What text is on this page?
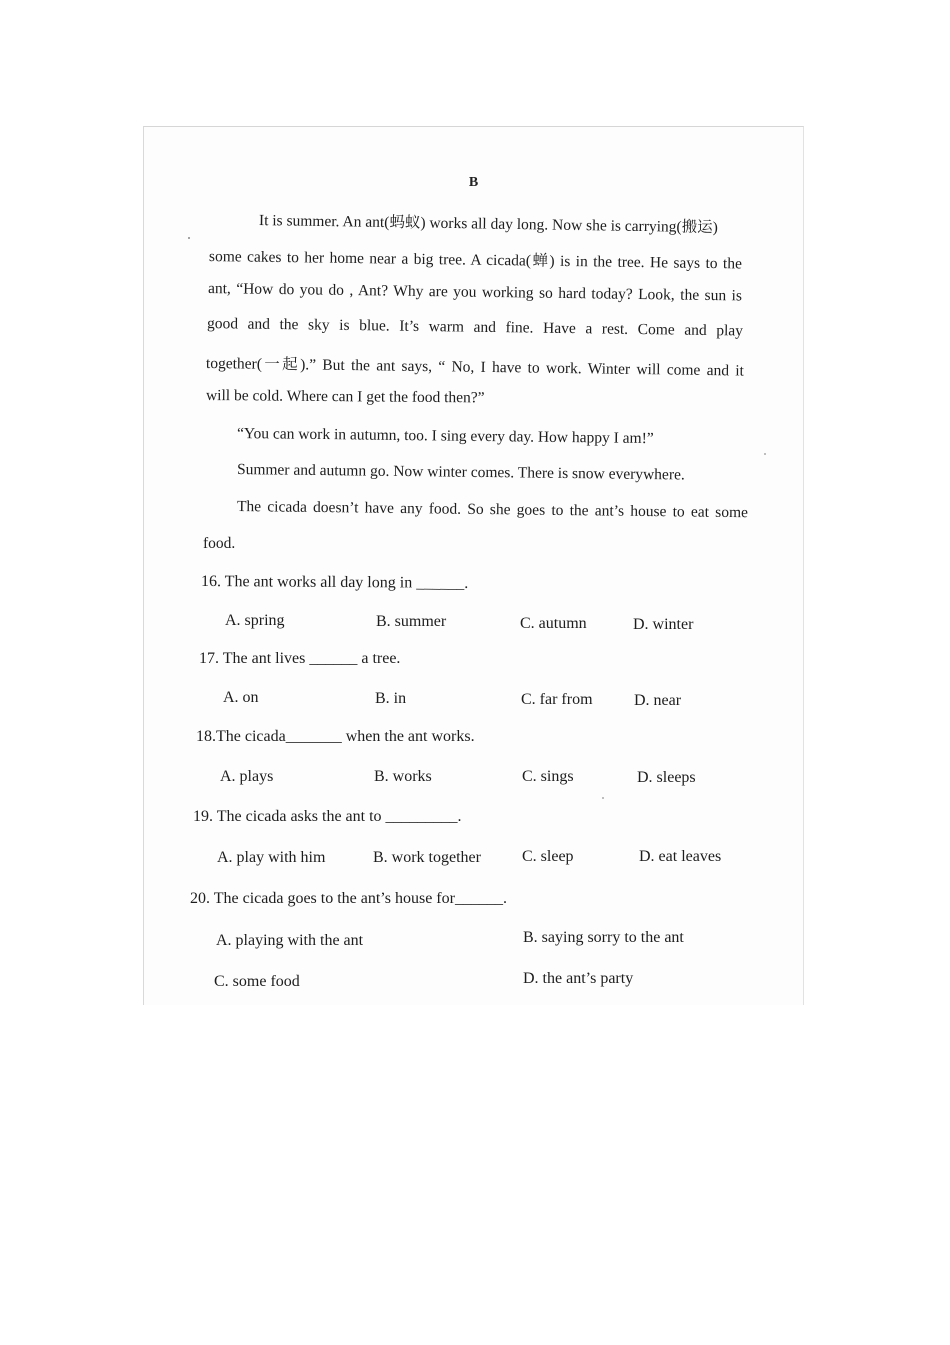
B
It is summer. An ant(蚂蚁) works all day long. Now she is carrying(搬运)
some cakes to her home near a big tree. A cicada(蝉) is in the tree. He says to the
ant, “How do you do , Ant? Why are you working so hard today? Look, the sun is
good and the sky is blue. It’s warm and fine. Have a rest. Come and play
together(一起).” But the ant says, “ No, I have to work. Winter will come and it
will be cold. Where can I get the food then?”
“You can work in autumn, too. I sing every day. How happy I am!”
Summer and autumn go. Now winter comes. There is snow everywhere.
The cicada doesn’t have any food. So she goes to the ant’s house to eat some
food.
16. The ant works all day long in ______.
A. spring	B. summer	C. autumn	D. winter
17. The ant lives ______ a tree.
A. on	B. in	C. far from	D. near
18.The cicada_______ when the ant works.
A. plays	B. works	C. sings	D. sleeps
19. The cicada asks the ant to _________.
A. play with him	B. work together	C. sleep	D. eat leaves
20. The cicada goes to the ant’s house for______.
A. playing with the ant	B. saying sorry to the ant
C. some food	D. the ant’s party
